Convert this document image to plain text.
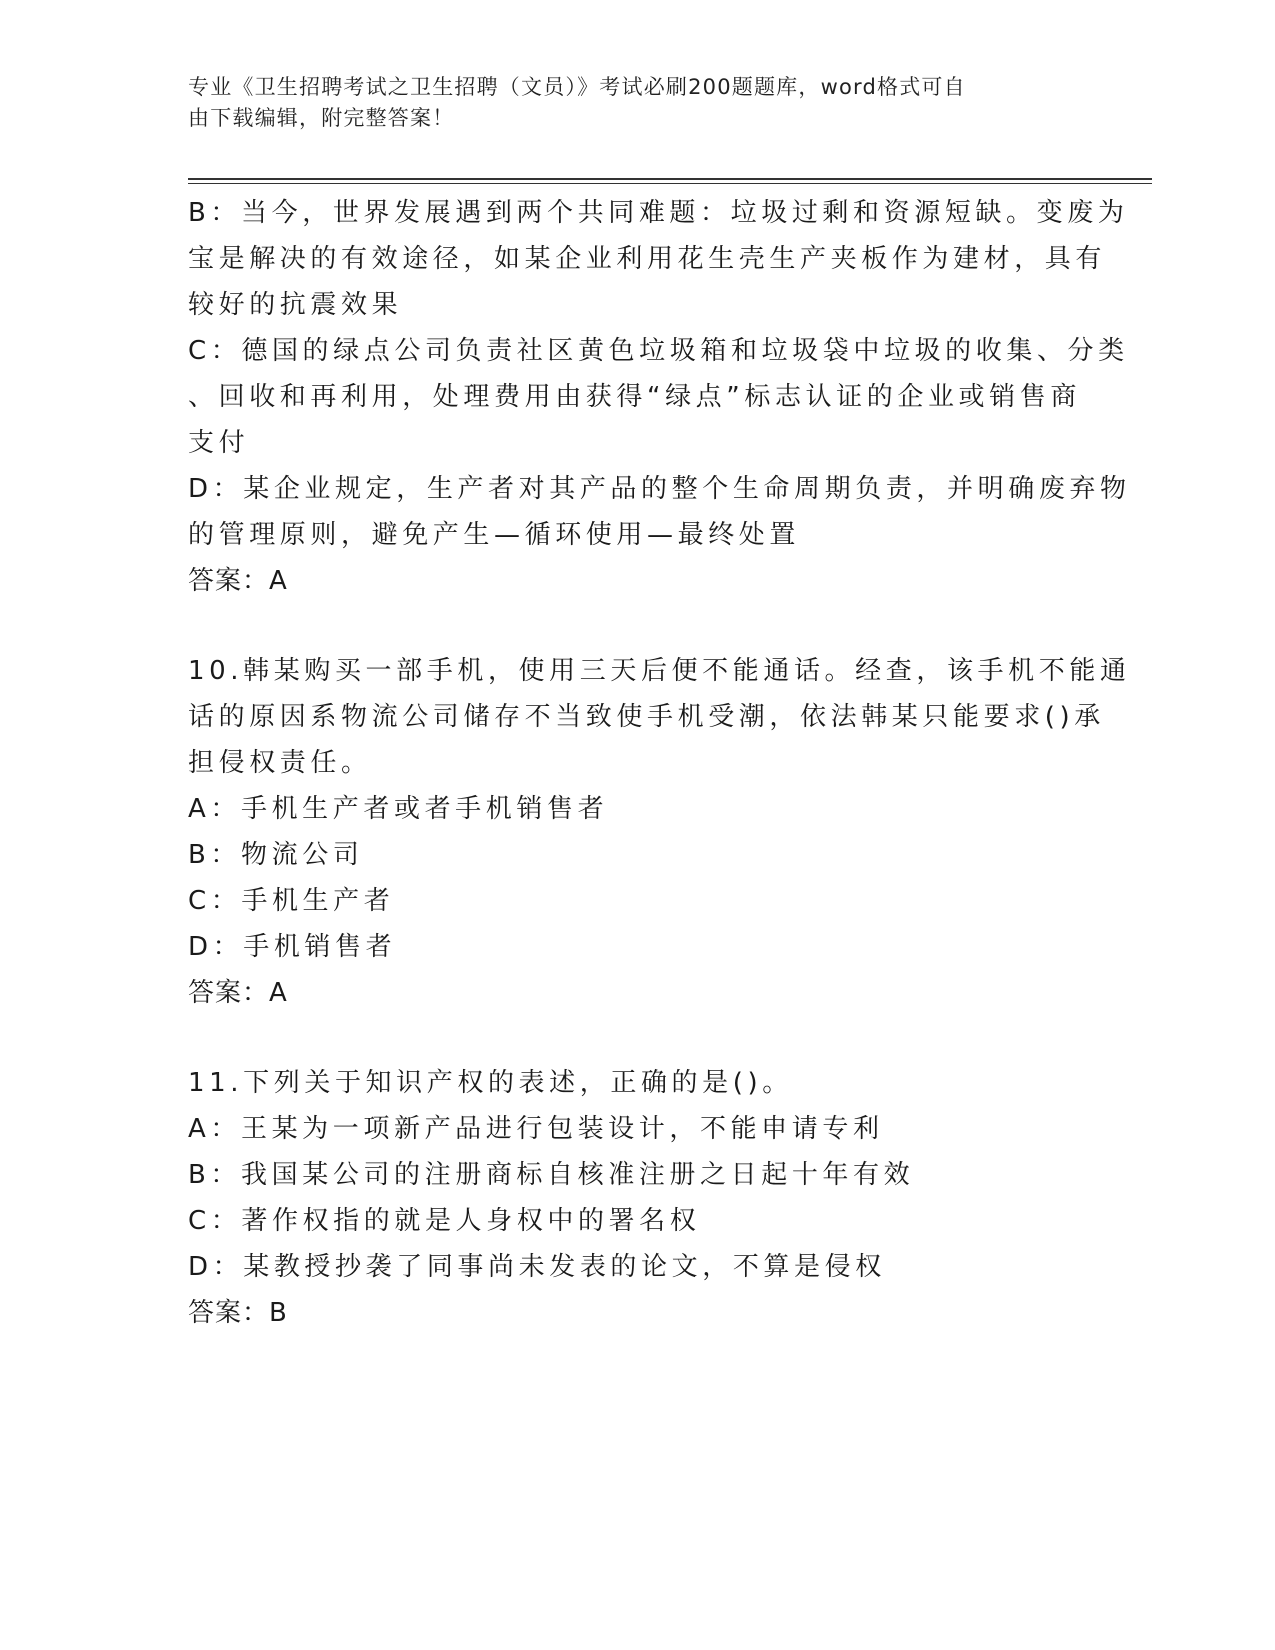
专业《卫生招聘考试之卫生招聘（文员）》考试必刷200题题库，word格式可自
由下载编辑，附完整答案！
B：当今，世界发展遇到两个共同难题：垃圾过剩和资源短缺。变废为
宝是解决的有效途径，如某企业利用花生壳生产夹板作为建材，具有
较好的抗震效果
C：德国的绿点公司负责社区黄色垃圾箱和垃圾袋中垃圾的收集、分类
、回收和再利用，处理费用由获得“绿点”标志认证的企业或销售商
支付
D：某企业规定，生产者对其产品的整个生命周期负责，并明确废弃物
的管理原则，避免产生—循环使用—最终处置
答案：A
10.韩某购买一部手机，使用三天后便不能通话。经查，该手机不能通
话的原因系物流公司储存不当致使手机受潮，依法韩某只能要求()承
担侵权责任。
A：手机生产者或者手机销售者
B：物流公司
C：手机生产者
D：手机销售者
答案：A
11.下列关于知识产权的表述，正确的是()。
A：王某为一项新产品进行包装设计，不能申请专利
B：我国某公司的注册商标自核准注册之日起十年有效
C：著作权指的就是人身权中的署名权
D：某教授抄袭了同事尚未发表的论文，不算是侵权
答案：B
